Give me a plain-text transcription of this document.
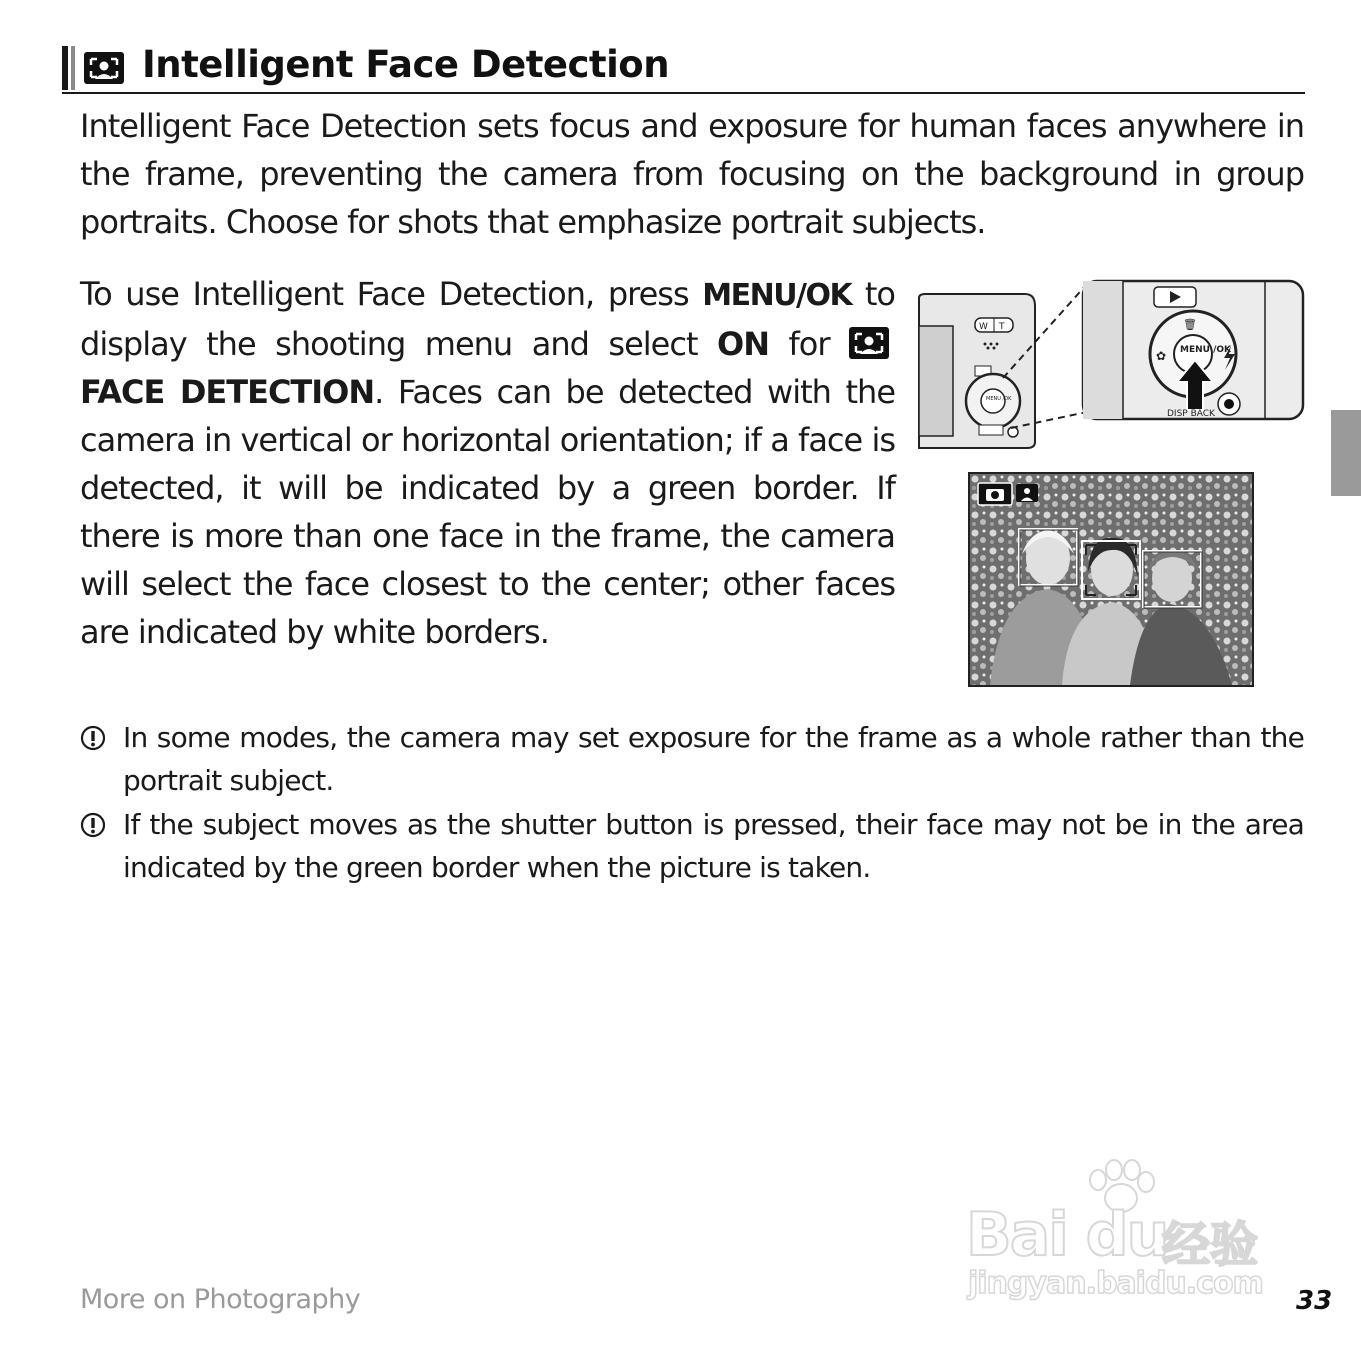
Intelligent Face Detection

Intelligent Face Detection sets focus and exposure for human faces anywhere in the frame, preventing the camera from focusing on the background in group portraits. Choose for shots that emphasize portrait subjects.

To use Intelligent Face Detection, press MENU/OK to display the shooting menu and select ON for FACE DETECTION. Faces can be detected with the camera in vertical or horizontal orientation; if a face is detected, it will be indicated by a green border. If there is more than one face in the frame, the camera will select the face closest to the center; other faces are indicated by white borders.

W T
MENU /OK
MENU /OK
🗑
✿
DISP BACK
In some modes, the camera may set exposure for the frame as a whole rather than the portrait subject.
If the subject moves as the shutter button is pressed, their face may not be in the area indicated by the green border when the picture is taken.
Bai du
经验
jingyan.baidu.com
More on Photography	33
